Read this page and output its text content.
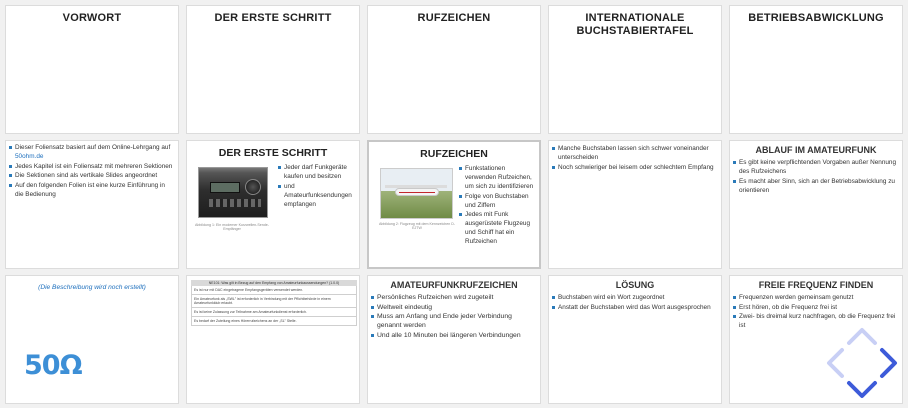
VORWORT	DER ERSTE SCHRITT	RUFZEICHEN	INTERNATIONALE BUCHSTABIERTAFEL
BETRIEBSABWICKLUNG
Dieser Foliensatz basiert auf dem Online-Lehrgang auf 50ohm.de
Jedes Kapitel ist ein Foliensatz mit mehreren Sektionen
Die Sektionen sind als vertikale Slides angeordnet
Auf den folgenden Folien ist eine kurze Einführung in die Bedienung
DER ERSTE SCHRITT
Abbildung 1: Ein moderner Kurzwellen-Sende-Empfänger
Jeder darf Funkgeräte kaufen und besitzen
und Amateurfunksendungen empfangen
RUFZEICHEN
Abbildung 2: Flugzeug mit dem Kennzeichen D-EJTW
Funkstationen verwenden Rufzeichen, um sich zu identifizieren
Folge von Buchstaben und Ziffern
Jedes mit Funk ausgerüstete Flugzeug und Schiff hat ein Rufzeichen
Manche Buchstaben lassen sich schwer voneinander unterscheiden
Noch schwieriger bei leisem oder schlechtem Empfang
ABLAUF IM AMATEURFUNK
Es gibt keine verpflichtenden Vorgaben außer Nennung des Rufzeichens
Es macht aber Sinn, sich an der Betriebsabwicklung zu orientieren
(Die Beschreibung wird noch erstellt)
50Ω
NE101: Was gilt in Bezug auf den Empfang von Amateurfunkaussendungen? (1.0.0)
Es ist nur mit DAC eingetragene Empfangsgeräten verwendet werden.
Ein Amateurfunk als „SWL" ist erforderlich in Verbindung mit der Pflichtbehörde in einem Amateurfunkklub erlaubt.
Es ist keine Zulassung zur Teilnahme am Amateurfunkdienst erforderlich.
Es bedarf der Zuteilung eines Hörerrufzeichens an der „SL" Stelle.
AMATEURFUNKRUFZEICHEN
Persönliches Rufzeichen wird zugeteilt
Weltweit eindeutig
Muss am Anfang und Ende jeder Verbindung genannt werden
Und alle 10 Minuten bei längeren Verbindungen
LÖSUNG
Buchstaben wird ein Wort zugeordnet
Anstatt der Buchstaben wird das Wort ausgesprochen
FREIE FREQUENZ FINDEN
Frequenzen werden gemeinsam genutzt
Erst hören, ob die Frequenz frei ist
Zwei- bis dreimal kurz nachfragen, ob die Frequenz frei ist
